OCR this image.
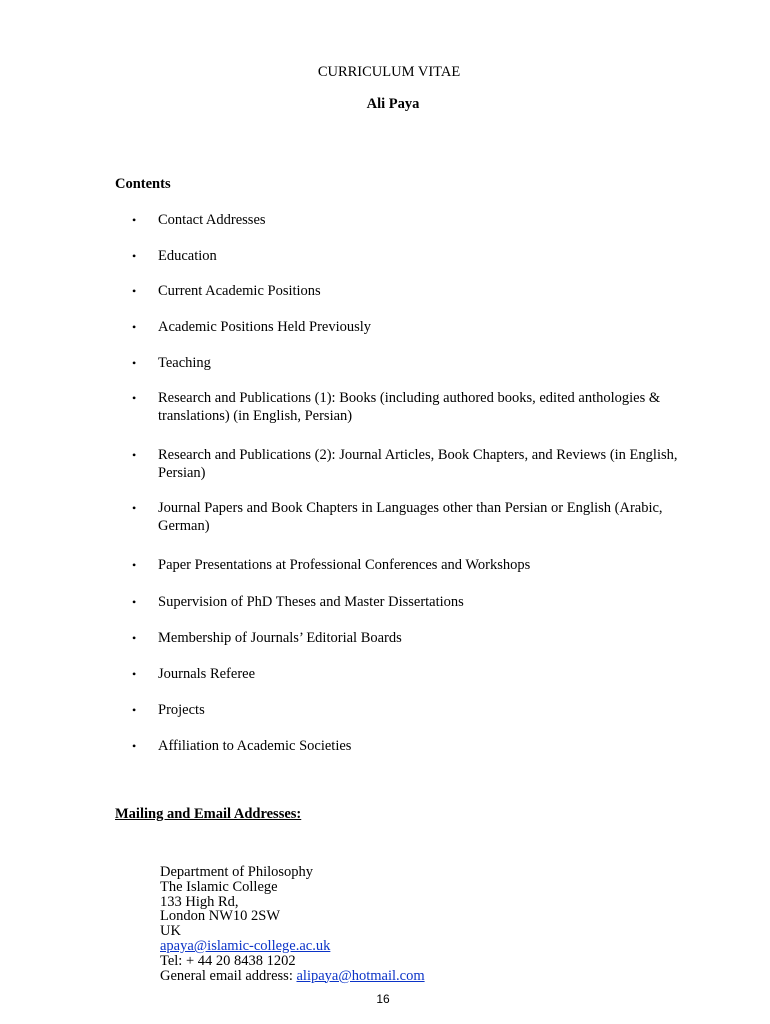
CURRICULUM VITAE
Ali Paya
Contents
•	Contact Addresses
•	Education
•	Current Academic Positions
•	Academic Positions Held Previously
•	Teaching
•	Research and Publications (1): Books (including authored books, edited anthologies & translations) (in English, Persian)
•	Research and Publications (2): Journal Articles, Book Chapters, and Reviews (in English, Persian)
•	Journal Papers and Book Chapters in Languages other than Persian or English (Arabic, German)
•	Paper Presentations at Professional Conferences and Workshops
•	Supervision of PhD Theses and Master Dissertations
•	Membership of Journals’ Editorial Boards
•	Journals Referee
•	Projects
•	Affiliation to Academic Societies
Mailing and Email Addresses:
Department of Philosophy
The Islamic College
133 High Rd,
London NW10 2SW
UK
apaya@islamic-college.ac.uk
Tel: + 44 20 8438 1202
General email address: alipaya@hotmail.com
16
